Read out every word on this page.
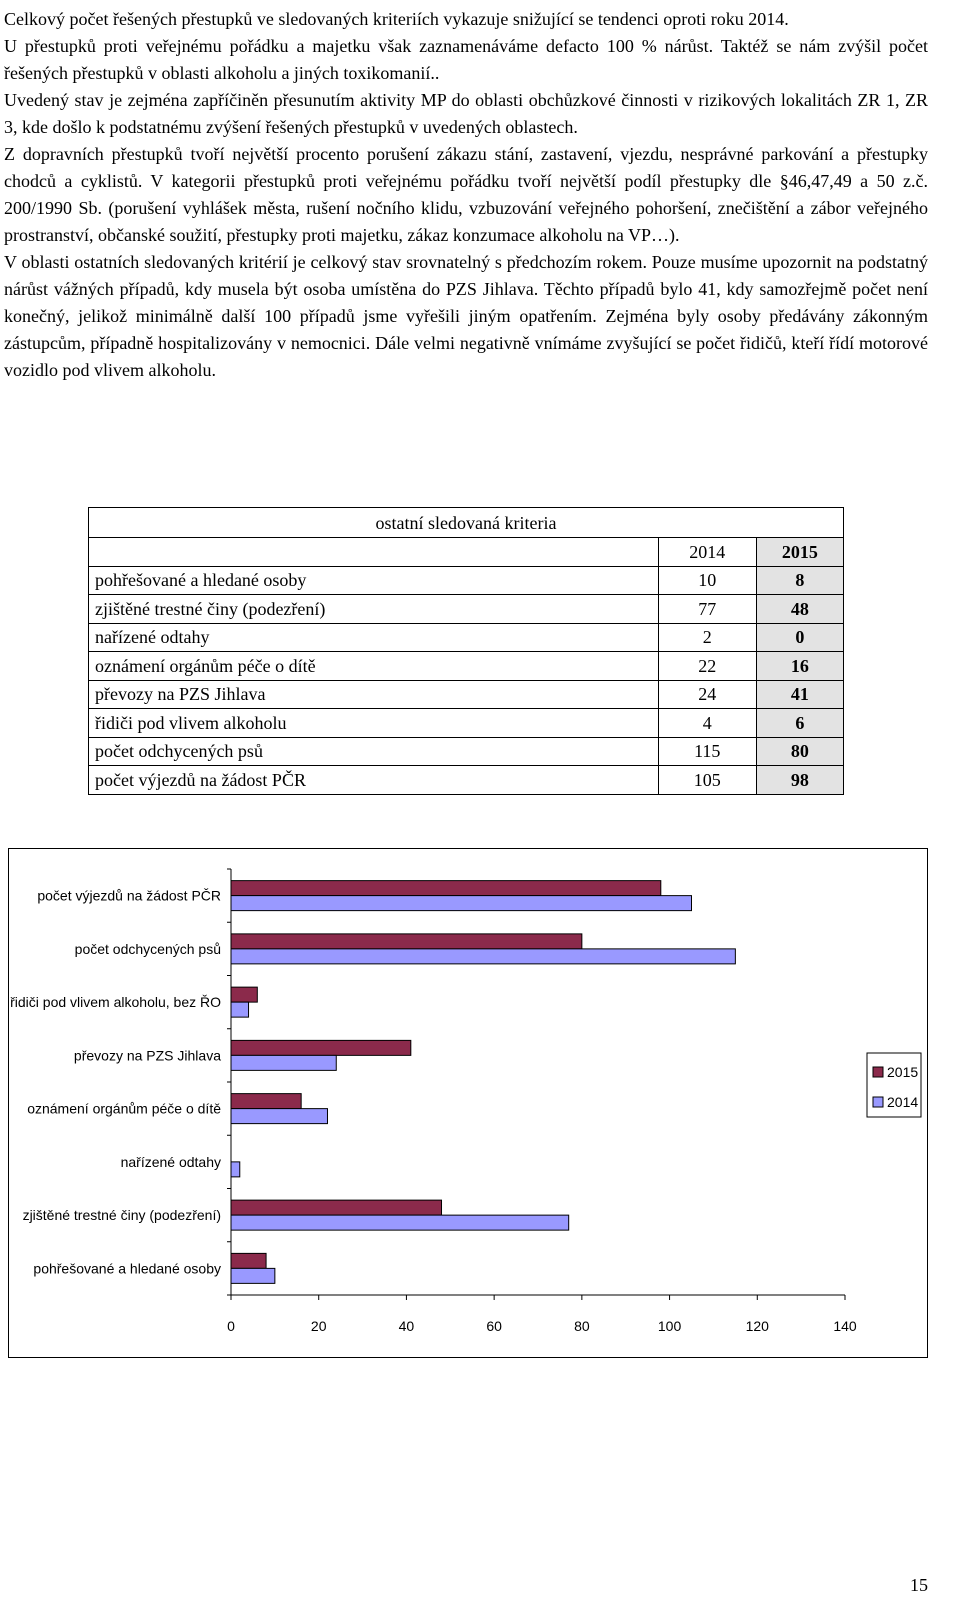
Celkový počet řešených přestupků ve sledovaných kriteriích vykazuje snižující se tendenci oproti roku 2014.

U přestupků proti veřejnému pořádku a majetku však zaznamenáváme defacto 100 % nárůst. Taktéž se nám zvýšil počet řešených přestupků v oblasti alkoholu a jiných toxikomanií..

Uvedený stav je zejména zapříčiněn přesunutím aktivity MP do oblasti obchůzkové činnosti v rizikových lokalitách ZR 1, ZR 3, kde došlo k podstatnému zvýšení řešených přestupků v uvedených oblastech.

Z dopravních přestupků tvoří největší procento porušení zákazu stání, zastavení, vjezdu, nesprávné parkování a přestupky chodců a cyklistů. V kategorii přestupků proti veřejnému pořádku tvoří největší podíl přestupky dle §46,47,49 a 50 z.č. 200/1990 Sb. (porušení vyhlášek města, rušení nočního klidu, vzbuzování veřejného pohoršení, znečištění a zábor veřejného prostranství, občanské soužití, přestupky proti majetku, zákaz konzumace alkoholu na VP…).

V oblasti ostatních sledovaných kritérií je celkový stav srovnatelný s předchozím rokem. Pouze musíme upozornit na podstatný nárůst vážných případů, kdy musela být osoba umístěna do PZS Jihlava. Těchto případů bylo 41, kdy samozřejmě počet není konečný, jelikož minimálně další 100 případů jsme vyřešili jiným opatřením. Zejména byly osoby předávány zákonným zástupcům, případně hospitalizovány v nemocnici. Dále velmi negativně vnímáme zvyšující se počet řidičů, kteří řídí motorové vozidlo pod vlivem alkoholu.

ostatní sledovaná kriteria		
	2014	2015
pohřešované a hledané osoby	10	8
zjištěné trestné činy (podezření)	77	48
nařízené odtahy	2	0
oznámení orgánům péče o dítě	22	16
převozy na PZS Jihlava	24	41
řidiči pod vlivem alkoholu	4	6
počet odchycených psů	115	80
počet výjezdů na žádost PČR	105	98
počet výjezdů na žádost PČR
počet odchycených psů
řidiči pod vlivem alkoholu, bez ŘO
převozy na PZS Jihlava
oznámení orgánům péče o dítě
nařízené odtahy
zjištěné trestné činy (podezření)
pohřešované a hledané osoby
0	20	40	60	80	100	120	140
2015
2014
15
